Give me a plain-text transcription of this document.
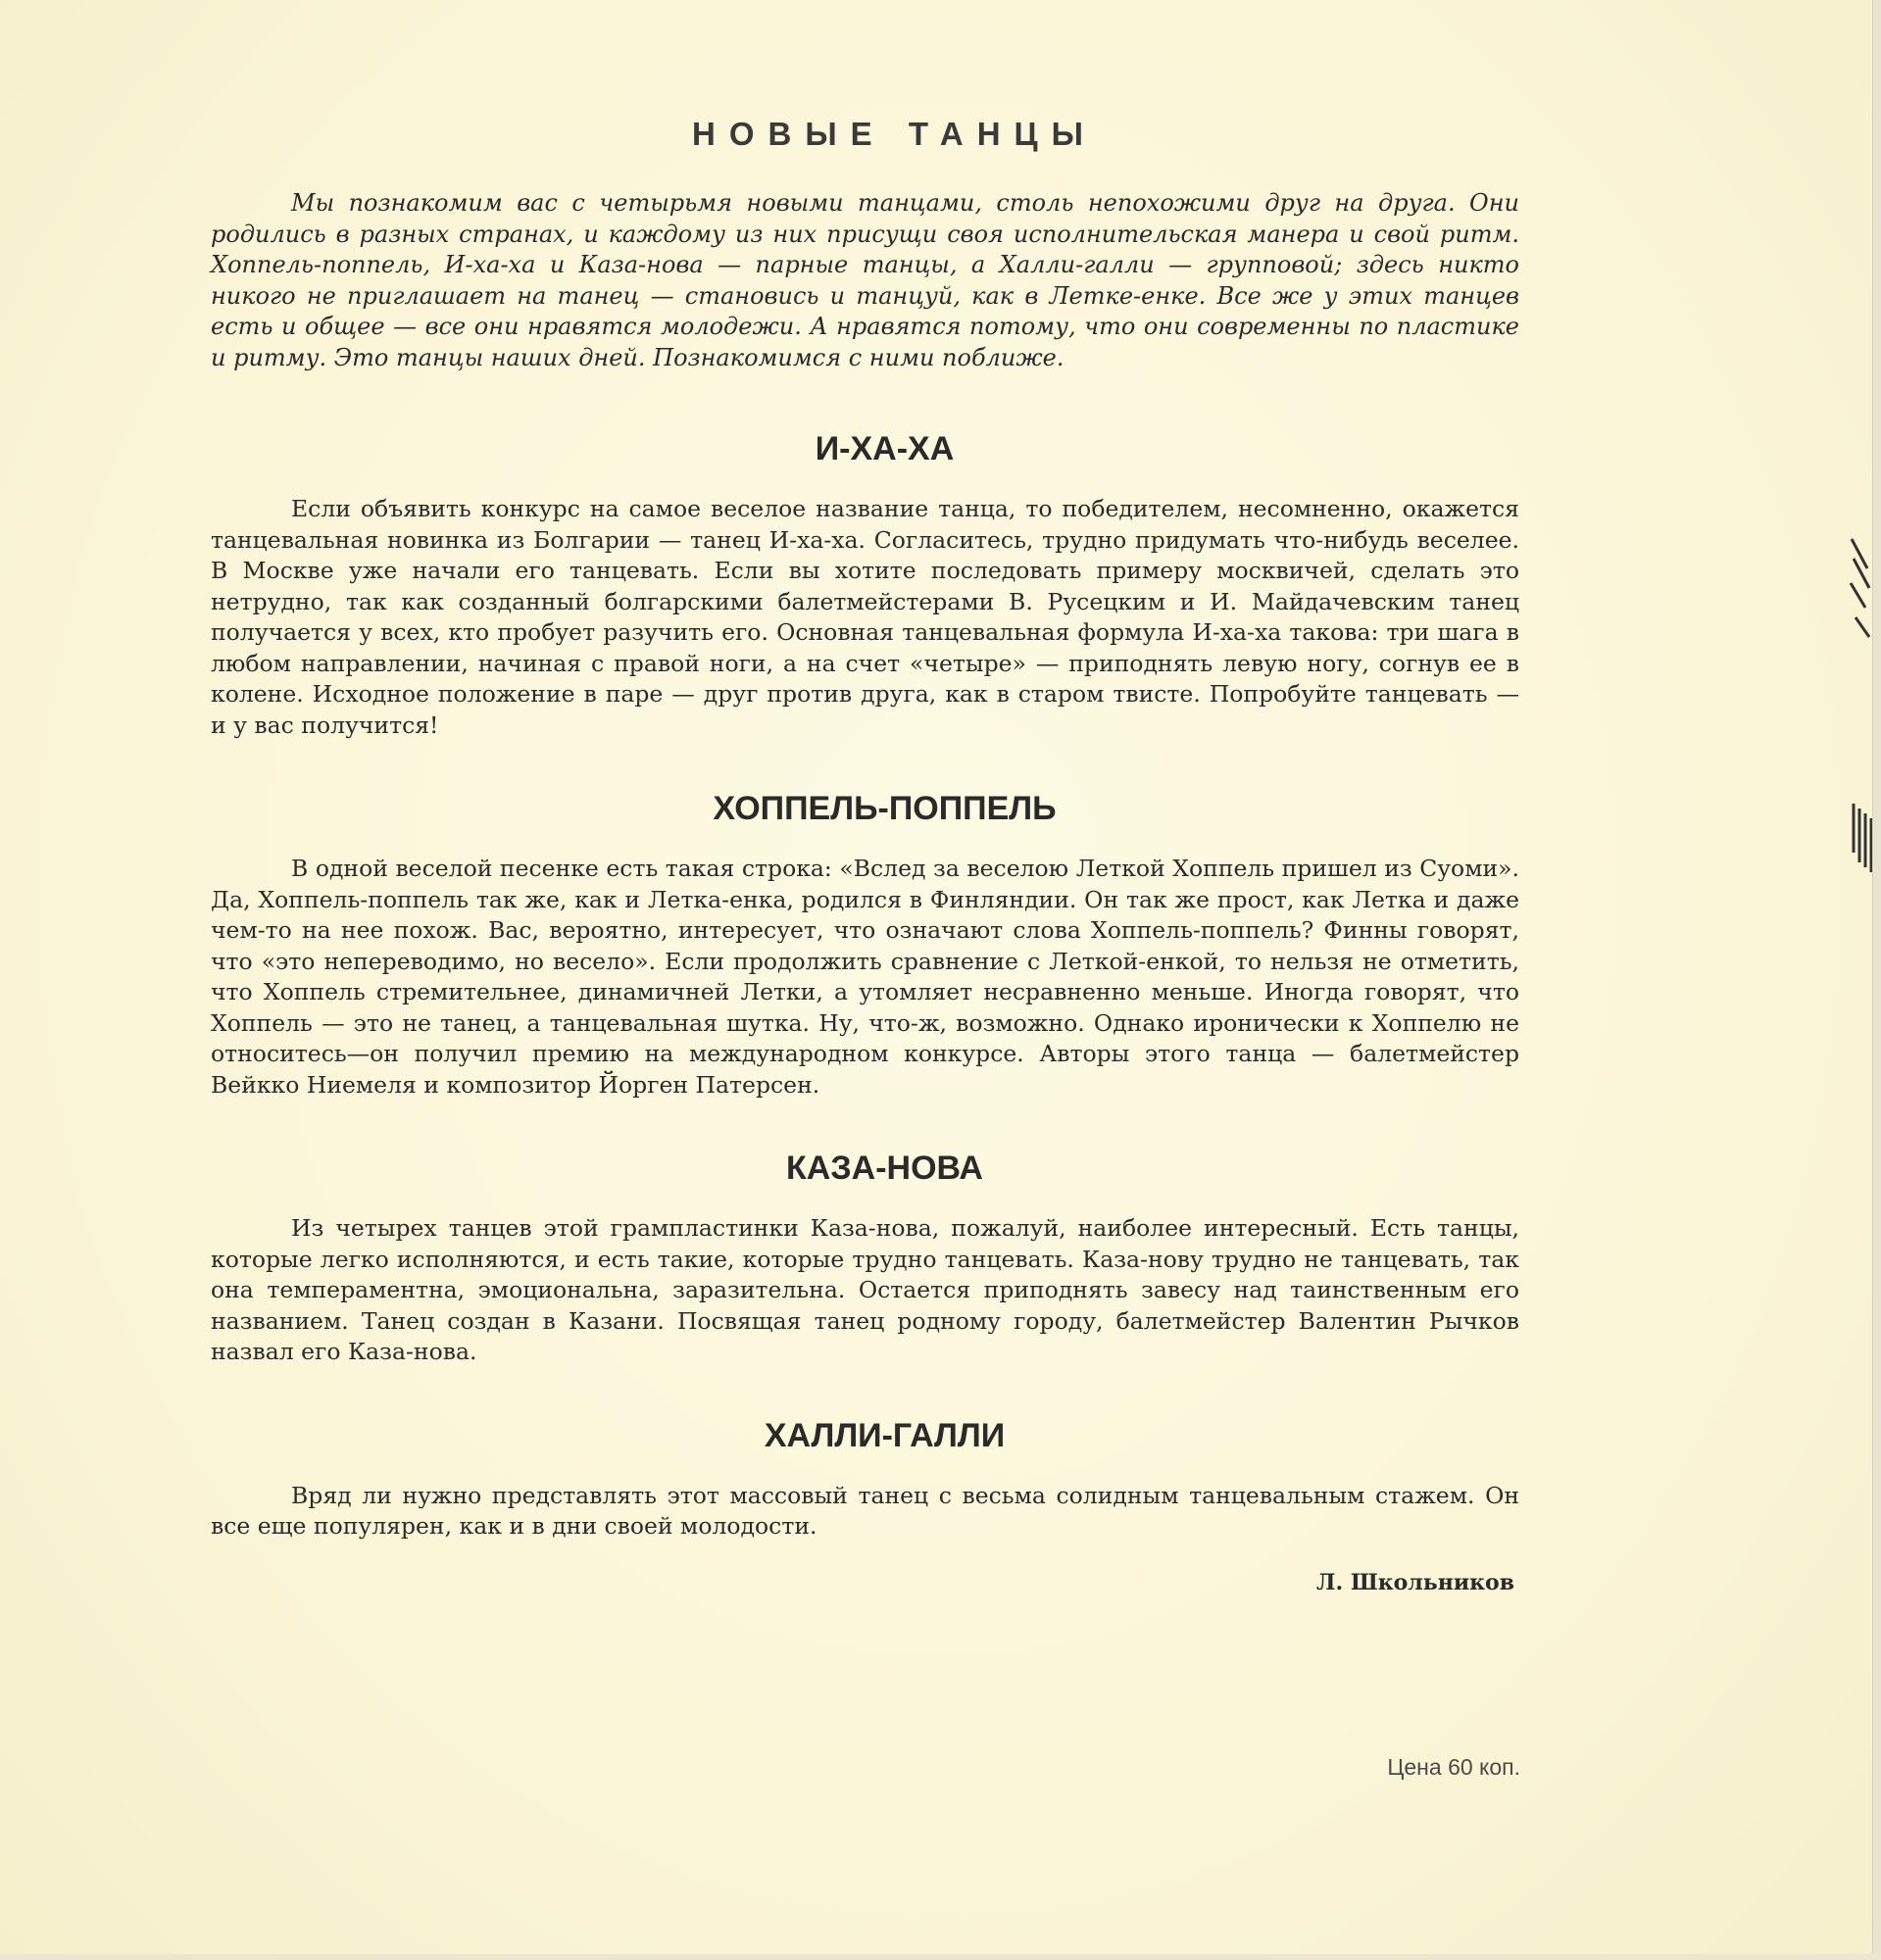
НОВЫЕ ТАНЦЫ

Мы познакомим вас с четырьмя новыми танцами, столь непохожими друг на друга. Они родились в разных странах, и каждому из них присущи своя исполнительская манера и свой ритм. Хоппель-поппель, И-ха-ха и Каза-нова — парные танцы, а Халли-галли — групповой; здесь никто никого не приглашает на танец — становись и танцуй, как в Летке-енке. Все же у этих танцев есть и общее — все они нравятся молодежи. А нравятся потому, что они современны по пластике и ритму. Это танцы наших дней. Познакомимся с ними поближе.

И-ХА-ХА

Если объявить конкурс на самое веселое название танца, то победителем, несомненно, окажется танцевальная новинка из Болгарии — танец И-ха-ха. Согласитесь, трудно придумать что-нибудь веселее. В Москве уже начали его танцевать. Если вы хотите последовать примеру москвичей, сделать это нетрудно, так как созданный болгарскими балетмейстерами В. Русецким и И. Майдачевским танец получается у всех, кто пробует разучить его. Основная танцевальная формула И-ха-ха такова: три шага в любом направлении, начиная с правой ноги, а на счет «четыре» — приподнять левую ногу, согнув ее в колене. Исходное положение в паре — друг против друга, как в старом твисте. Попробуйте танцевать — и у вас получится!

ХОППЕЛЬ-ПОППЕЛЬ

В одной веселой песенке есть такая строка: «Вслед за веселою Леткой Хоппель пришел из Суоми». Да, Хоппель-поппель так же, как и Летка-енка, родился в Финляндии. Он так же прост, как Летка и даже чем-то на нее похож. Вас, вероятно, интересует, что означают слова Хоппель-поппель? Финны говорят, что «это непереводимо, но весело». Если продолжить сравнение с Леткой-енкой, то нельзя не отметить, что Хоппель стремительнее, динамичней Летки, а утомляет несравненно меньше. Иногда говорят, что Хоппель — это не танец, а танцевальная шутка. Ну, что-ж, возможно. Однако иронически к Хоппелю не относитесь—он получил премию на международном конкурсе. Авторы этого танца — балетмейстер Вейкко Ниемеля и композитор Йорген Патерсен.

КАЗА-НОВА

Из четырех танцев этой грампластинки Каза-нова, пожалуй, наиболее интересный. Есть танцы, которые легко исполняются, и есть такие, которые трудно танцевать. Каза-нову трудно не танцевать, так она темпераментна, эмоциональна, заразительна. Остается приподнять завесу над таинственным его названием. Танец создан в Казани. Посвящая танец родному городу, балетмейстер Валентин Рычков назвал его Каза-нова.

ХАЛЛИ-ГАЛЛИ

Вряд ли нужно представлять этот массовый танец с весьма солидным танцевальным стажем. Он все еще популярен, как и в дни своей молодости.

Л. Школьников
Цена 60 коп.
